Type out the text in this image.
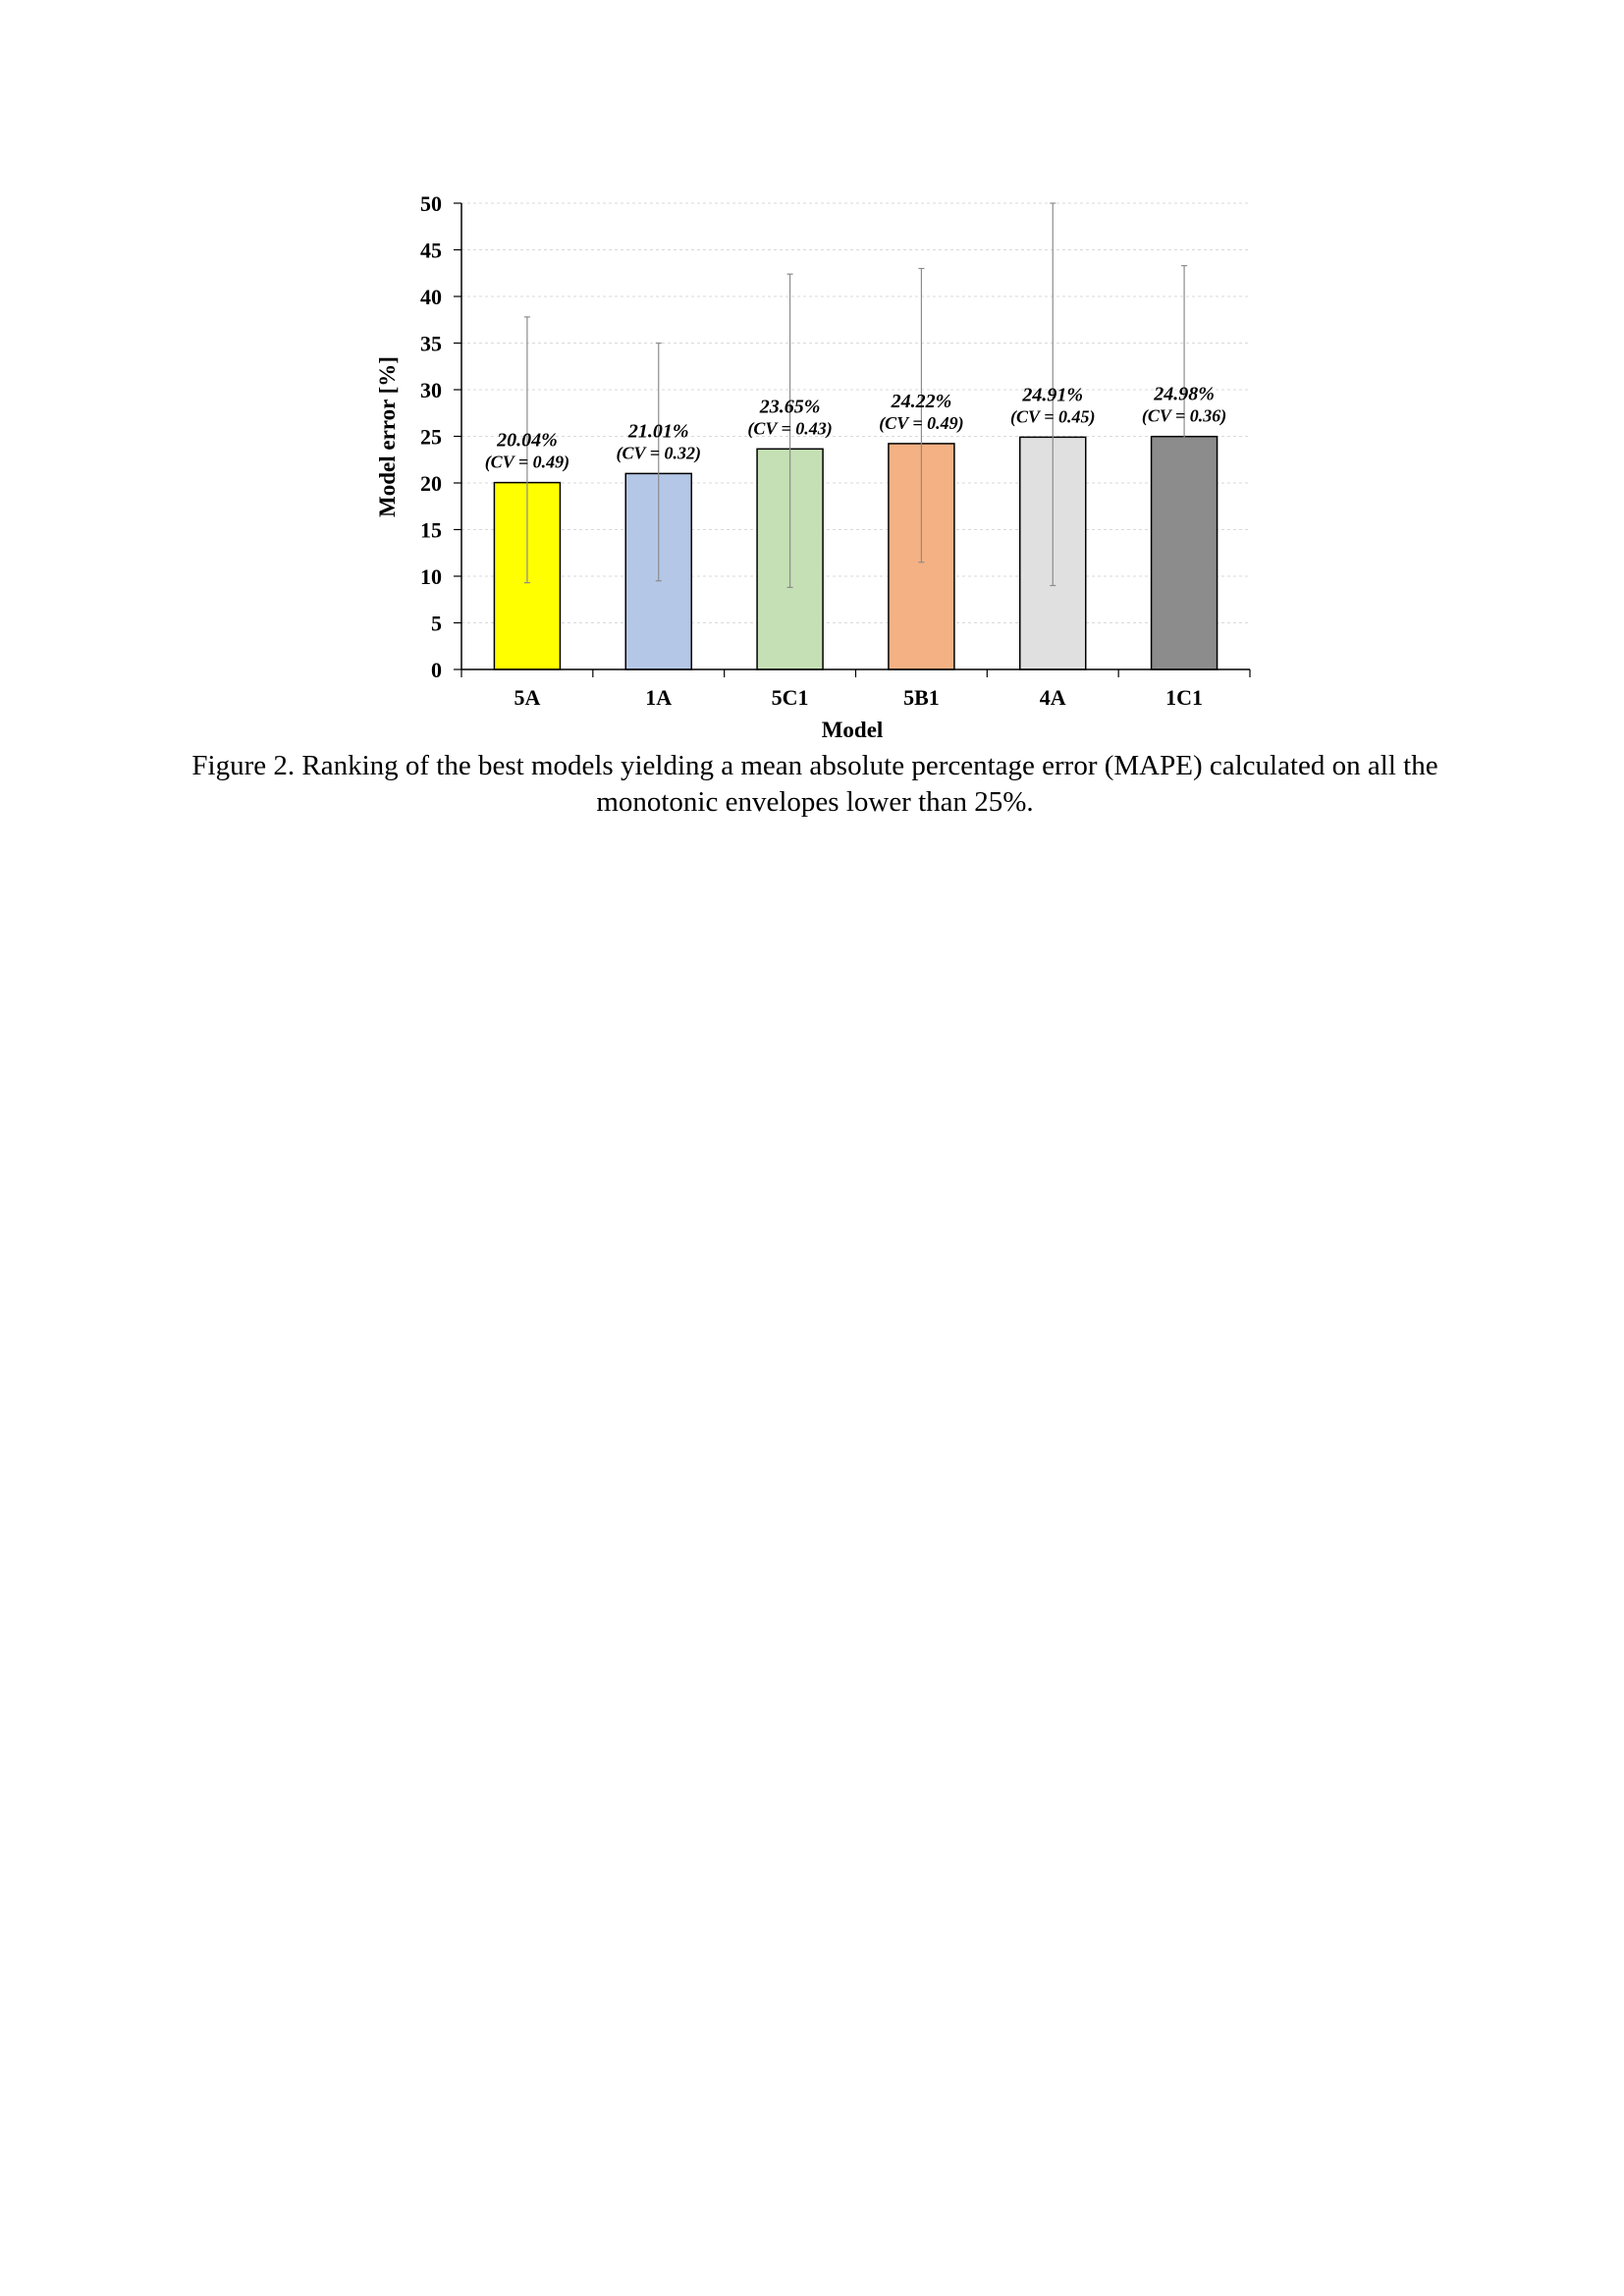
0
5
10
15
20
25
30
35
40
45
50
5A	1A	5C1	5B1	4A	1C1
20.04%
(CV = 0.49)
21.01%
(CV = 0.32)
23.65%
(CV = 0.43)
24.22%
(CV = 0.49)
24.91%
(CV = 0.45)
24.98%
(CV = 0.36)
Model error [%]
Model

Figure 2. Ranking of the best models yielding a mean absolute percentage error (MAPE) calculated on all the
monotonic envelopes lower than 25%.
